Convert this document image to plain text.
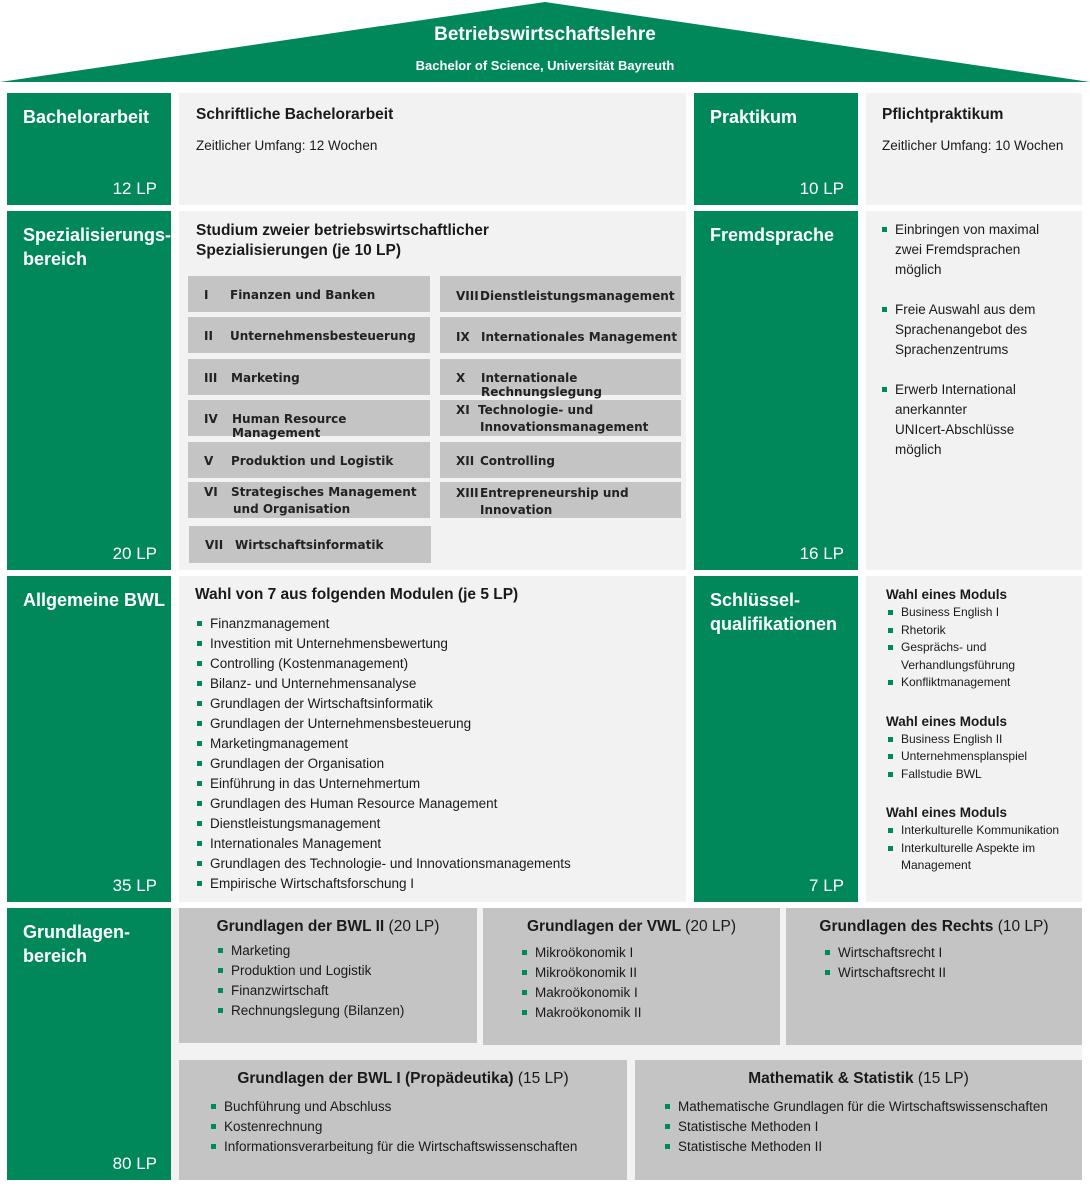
Betriebswirtschaftslehre
Bachelor of Science, Universität Bayreuth
Bachelorarbeit
12 LP
Schriftliche Bachelorarbeit
Zeitlicher Umfang: 12 Wochen
Praktikum
10 LP
Pflichtpraktikum
Zeitlicher Umfang: 10 Wochen
Spezialisierungs-
bereich
20 LP
Studium zweier betriebswirtschaftlicher
Spezialisierungen (je 10 LP)
I Finanzen und Banken
II Unternehmensbesteuerung
III Marketing
IV Human Resource Management
V Produktion und Logistik
VI Strategisches Management
und Organisation
VII Wirtschaftsinformatik
VIII Dienstleistungsmanagement
IX Internationales Management
X Internationale Rechnungslegung
XI Technologie- und
Innovationsmanagement
XII Controlling
XIII Entrepreneurship und
Innovation
Fremdsprache
16 LP
Einbringen von maximal
zwei Fremdsprachen
möglich
Freie Auswahl aus dem
Sprachenangebot des
Sprachenzentrums
Erwerb International
anerkannter
UNIcert-Abschlüsse
möglich
Allgemeine BWL
35 LP
Wahl von 7 aus folgenden Modulen (je 5 LP)
Finanzmanagement
Investition mit Unternehmensbewertung
Controlling (Kostenmanagement)
Bilanz- und Unternehmensanalyse
Grundlagen der Wirtschaftsinformatik
Grundlagen der Unternehmensbesteuerung
Marketingmanagement
Grundlagen der Organisation
Einführung in das Unternehmertum
Grundlagen des Human Resource Management
Dienstleistungsmanagement
Internationales Management
Grundlagen des Technologie- und Innovationsmanagements
Empirische Wirtschaftsforschung I
Schlüssel-
qualifikationen
7 LP
Wahl eines Moduls
Business English I
Rhetorik
Gesprächs- und
Verhandlungsführung
Konfliktmanagement
Wahl eines Moduls
Business English II
Unternehmensplanspiel
Fallstudie BWL
Wahl eines Moduls
Interkulturelle Kommunikation
Interkulturelle Aspekte im
Management
Grundlagen-
bereich
80 LP
Grundlagen der BWL II (20 LP)
Marketing
Produktion und Logistik
Finanzwirtschaft
Rechnungslegung (Bilanzen)
Grundlagen der VWL (20 LP)
Mikroökonomik I
Mikroökonomik II
Makroökonomik I
Makroökonomik II
Grundlagen des Rechts (10 LP)
Wirtschaftsrecht I
Wirtschaftsrecht II
Grundlagen der BWL I (Propädeutika) (15 LP)
Buchführung und Abschluss
Kostenrechnung
Informationsverarbeitung für die Wirtschaftswissenschaften
Mathematik & Statistik (15 LP)
Mathematische Grundlagen für die Wirtschaftswissenschaften
Statistische Methoden I
Statistische Methoden II
